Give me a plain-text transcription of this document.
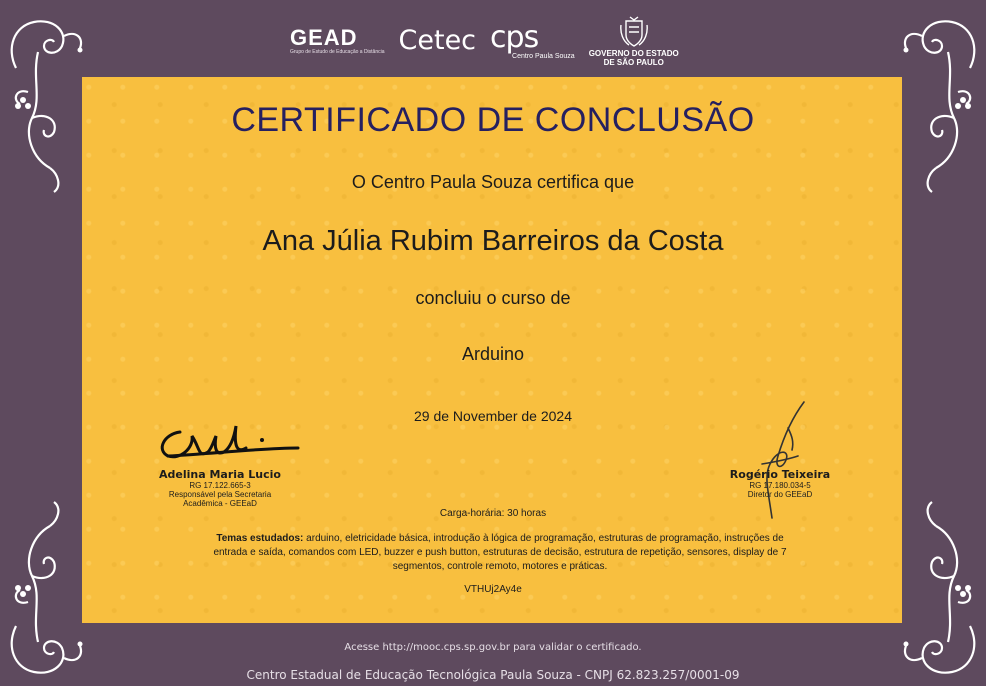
GEAD
Grupo de Estudo de Educação a Distância Cetec cps
Centro Paula Souza GOVERNO DO ESTADO
DE SÃO PAULO
CERTIFICADO DE CONCLUSÃO
O Centro Paula Souza certifica que
Ana Júlia Rubim Barreiros da Costa
concluiu o curso de
Arduino
29 de November de 2024
Adelina Maria Lucio
RG 17.122.665-3
Responsável pela Secretaria
Acadêmica - GEEaD
Rogério Teixeira
RG 17.180.034-5
Diretor do GEEaD
Carga-horária: 30 horas
Temas estudados: arduino, eletricidade básica, introdução à lógica de programação, estruturas de programação, instruções de entrada e saída, comandos com LED, buzzer e push button, estruturas de decisão, estrutura de repetição, sensores, display de 7 segmentos, controle remoto, motores e práticas.
VTHUj2Ay4e
Acesse http://mooc.cps.sp.gov.br para validar o certificado.
Centro Estadual de Educação Tecnológica Paula Souza - CNPJ 62.823.257/0001-09
